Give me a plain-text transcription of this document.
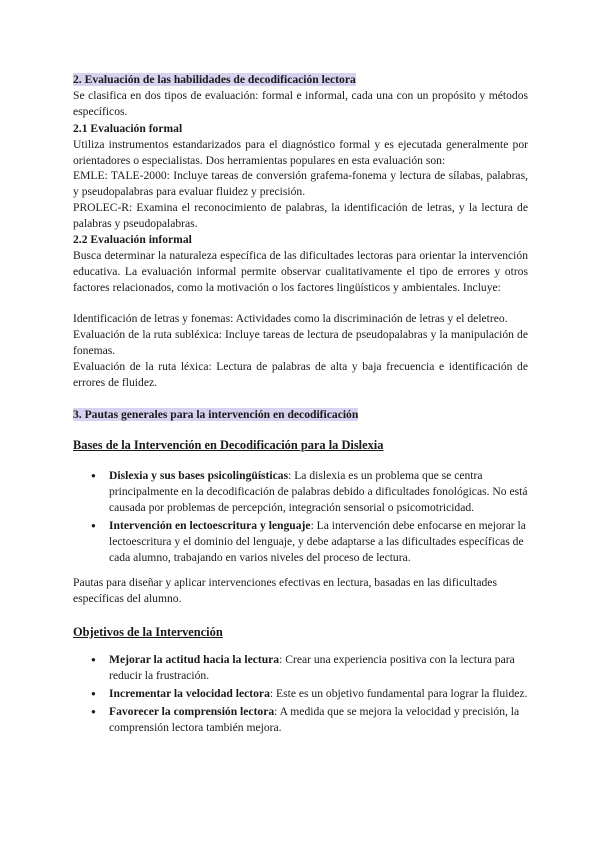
2. Evaluación de las habilidades de decodificación lectora
Se clasifica en dos tipos de evaluación: formal e informal, cada una con un propósito y métodos específicos.
2.1 Evaluación formal
Utiliza instrumentos estandarizados para el diagnóstico formal y es ejecutada generalmente por orientadores o especialistas. Dos herramientas populares en esta evaluación son:
EMLE: TALE-2000: Incluye tareas de conversión grafema-fonema y lectura de sílabas, palabras, y pseudopalabras para evaluar fluidez y precisión.
PROLEC-R: Examina el reconocimiento de palabras, la identificación de letras, y la lectura de palabras y pseudopalabras.
2.2 Evaluación informal
Busca determinar la naturaleza específica de las dificultades lectoras para orientar la intervención educativa. La evaluación informal permite observar cualitativamente el tipo de errores y otros factores relacionados, como la motivación o los factores lingüísticos y ambientales. Incluye:
Identificación de letras y fonemas: Actividades como la discriminación de letras y el deletreo.
Evaluación de la ruta subléxica: Incluye tareas de lectura de pseudopalabras y la manipulación de fonemas.
Evaluación de la ruta léxica: Lectura de palabras de alta y baja frecuencia e identificación de errores de fluidez.
3. Pautas generales para la intervención en decodificación
Bases de la Intervención en Decodificación para la Dislexia
● Dislexia y sus bases psicolingüísticas: La dislexia es un problema que se centra principalmente en la decodificación de palabras debido a dificultades fonológicas. No está causada por problemas de percepción, integración sensorial o psicomotricidad.
● Intervención en lectoescritura y lenguaje: La intervención debe enfocarse en mejorar la lectoescritura y el dominio del lenguaje, y debe adaptarse a las dificultades específicas de cada alumno, trabajando en varios niveles del proceso de lectura.
Pautas para diseñar y aplicar intervenciones efectivas en lectura, basadas en las dificultades específicas del alumno.
Objetivos de la Intervención
● Mejorar la actitud hacia la lectura: Crear una experiencia positiva con la lectura para reducir la frustración.
● Incrementar la velocidad lectora: Este es un objetivo fundamental para lograr la fluidez.
● Favorecer la comprensión lectora: A medida que se mejora la velocidad y precisión, la comprensión lectora también mejora.
